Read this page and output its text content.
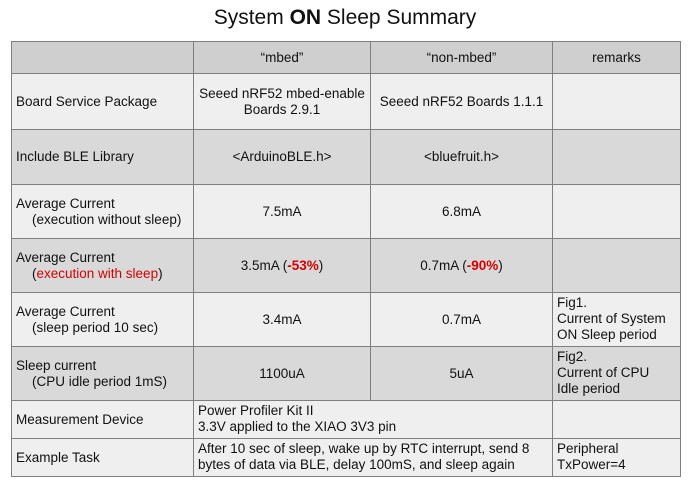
System ON Sleep Summary
	“mbed”	“non-mbed”	remarks
Board Service Package	Seeed nRF52 mbed-enable Boards 2.9.1	Seeed nRF52 Boards 1.1.1	
Include BLE Library	<ArduinoBLE.h>	<bluefruit.h>	
Average Current
(execution without sleep)	7.5mA	6.8mA	
Average Current
(execution with sleep)	3.5mA (-53%)	0.7mA (-90%)	
Average Current
(sleep period 10 sec)	3.4mA	0.7mA	Fig1.
Current of System
ON Sleep period
Sleep current
(CPU idle period 1mS)	1100uA	5uA	Fig2.
Current of CPU
Idle period
Measurement Device	Power Profiler Kit II
3.3V applied to the XIAO 3V3 pin		
Example Task	After 10 sec of sleep, wake up by RTC interrupt, send 8 bytes of data via BLE, delay 100mS, and sleep again		Peripheral
TxPower=4
